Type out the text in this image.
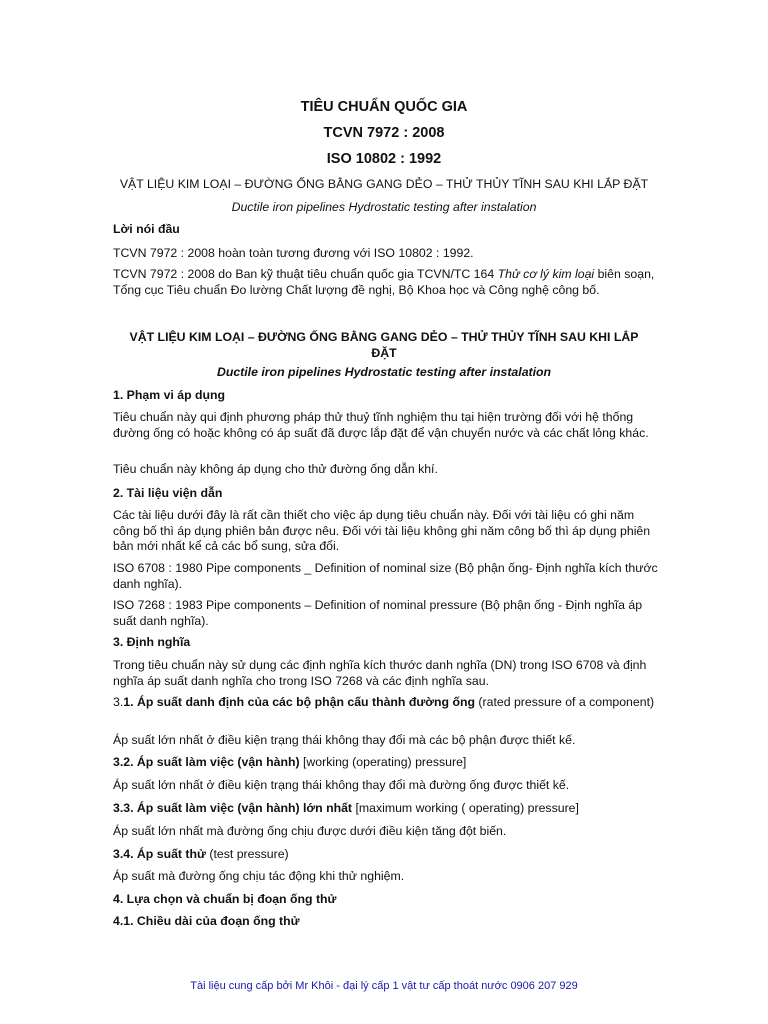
TIÊU CHUẨN QUỐC GIA

TCVN 7972 : 2008

ISO 10802 : 1992

VẬT LIỆU KIM LOẠI – ĐƯỜNG ỐNG BẰNG GANG DẺO – THỬ THỦY TĨNH SAU KHI LẮP ĐẶT

Ductile iron pipelines Hydrostatic testing after instalation

Lời nói đầu

TCVN 7972 : 2008 hoàn toàn tương đương với ISO 10802 : 1992.

TCVN 7972 : 2008 do Ban kỹ thuật tiêu chuẩn quốc gia TCVN/TC 164 Thử cơ lý kim loại biên soạn, Tổng cục Tiêu chuẩn Đo lường Chất lượng đề nghị, Bộ Khoa học và Công nghệ công bố.

VẬT LIỆU KIM LOẠI – ĐƯỜNG ỐNG BẰNG GANG DẺO – THỬ THỦY TĨNH SAU KHI LẮP ĐẶT

Ductile iron pipelines Hydrostatic testing after instalation

1. Phạm vi áp dụng

Tiêu chuẩn này qui định phương pháp thử thuỷ tĩnh nghiệm thu tại hiện trường đối với hệ thống đường ống có hoặc không có áp suất đã được lắp đặt để vận chuyển nước và các chất lỏng khác.

Tiêu chuẩn này không áp dụng cho thử đường ống dẫn khí.

2. Tài liệu viện dẫn

Các tài liệu dưới đây là rất cần thiết cho việc áp dụng tiêu chuẩn này. Đối với tài liệu có ghi năm công bố thì áp dụng phiên bản được nêu. Đối với tài liệu không ghi năm công bố thì áp dụng phiên bản mới nhất kể cả các bổ sung, sửa đổi.

ISO 6708 : 1980 Pipe components _ Definition of nominal size (Bộ phận ống- Định nghĩa kích thước danh nghĩa).

ISO 7268 : 1983 Pipe components – Definition of nominal pressure (Bộ phận ống - Định nghĩa áp suất danh nghĩa).

3. Định nghĩa

Trong tiêu chuẩn này sử dụng các định nghĩa kích thước danh nghĩa (DN) trong ISO 6708 và định nghĩa áp suất danh nghĩa cho trong ISO 7268 và các định nghĩa sau.

3.1. Áp suất danh định của các bộ phận cấu thành đường ống (rated pressure of a component)

Áp suất lớn nhất ở điều kiện trạng thái không thay đổi mà các bộ phận được thiết kế.

3.2. Áp suất làm việc (vận hành) [working (operating) pressure]

Áp suất lớn nhất ở điều kiện trạng thái không thay đổi mà đường ống được thiết kế.

3.3. Áp suất làm việc (vận hành) lớn nhất [maximum working ( operating) pressure]

Áp suất lớn nhất mà đường ống chịu được dưới điều kiện tăng đột biến.

3.4. Áp suất thử (test pressure)

Áp suất mà đường ống chịu tác động khi thử nghiệm.

4. Lựa chọn và chuẩn bị đoạn ống thử

4.1. Chiều dài của đoạn ống thử

Tài liệu cung cấp bởi Mr Khôi - đại lý cấp 1 vật tư cấp thoát nước 0906 207 929
